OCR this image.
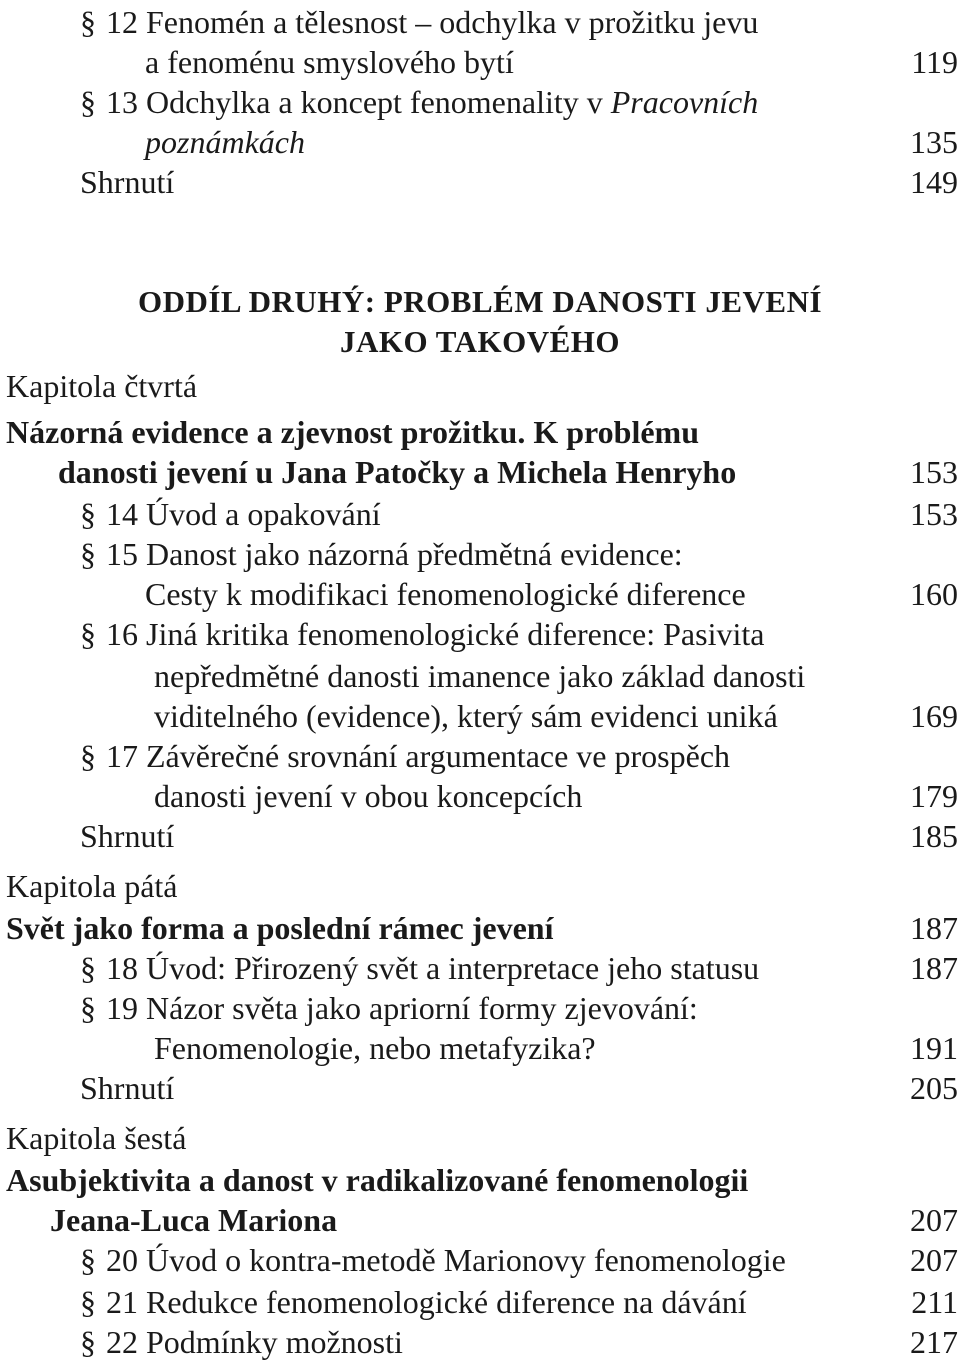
§ 12 Fenomén a tělesnost – odchylka v prožitku jevu
a fenoménu smyslového bytí	119
§ 13 Odchylka a koncept fenomenality v Pracovních
poznámkách	135
Shrnutí	149
ODDÍL DRUHÝ: PROBLÉM DANOSTI JEVENÍ
JAKO TAKOVÉHO
Kapitola čtvrtá
Názorná evidence a zjevnost prožitku. K problému
danosti jevení u Jana Patočky a Michela Henryho	153
§ 14 Úvod a opakování	153
§ 15 Danost jako názorná předmětná evidence:
Cesty k modifikaci fenomenologické diference	160
§ 16 Jiná kritika fenomenologické diference: Pasivita
nepředmětné danosti imanence jako základ danosti
viditelného (evidence), který sám evidenci uniká	169
§ 17 Závěrečné srovnání argumentace ve prospěch
danosti jevení v obou koncepcích	179
Shrnutí	185
Kapitola pátá
Svět jako forma a poslední rámec jevení	187
§ 18 Úvod: Přirozený svět a interpretace jeho statusu	187
§ 19 Názor světa jako apriorní formy zjevování:
Fenomenologie, nebo metafyzika?	191
Shrnutí	205
Kapitola šestá
Asubjektivita a danost v radikalizované fenomenologii
Jeana-Luca Mariona	207
§ 20 Úvod o kontra-metodě Marionovy fenomenologie	207
§ 21 Redukce fenomenologické diference na dávání	211
§ 22 Podmínky možnosti	217
